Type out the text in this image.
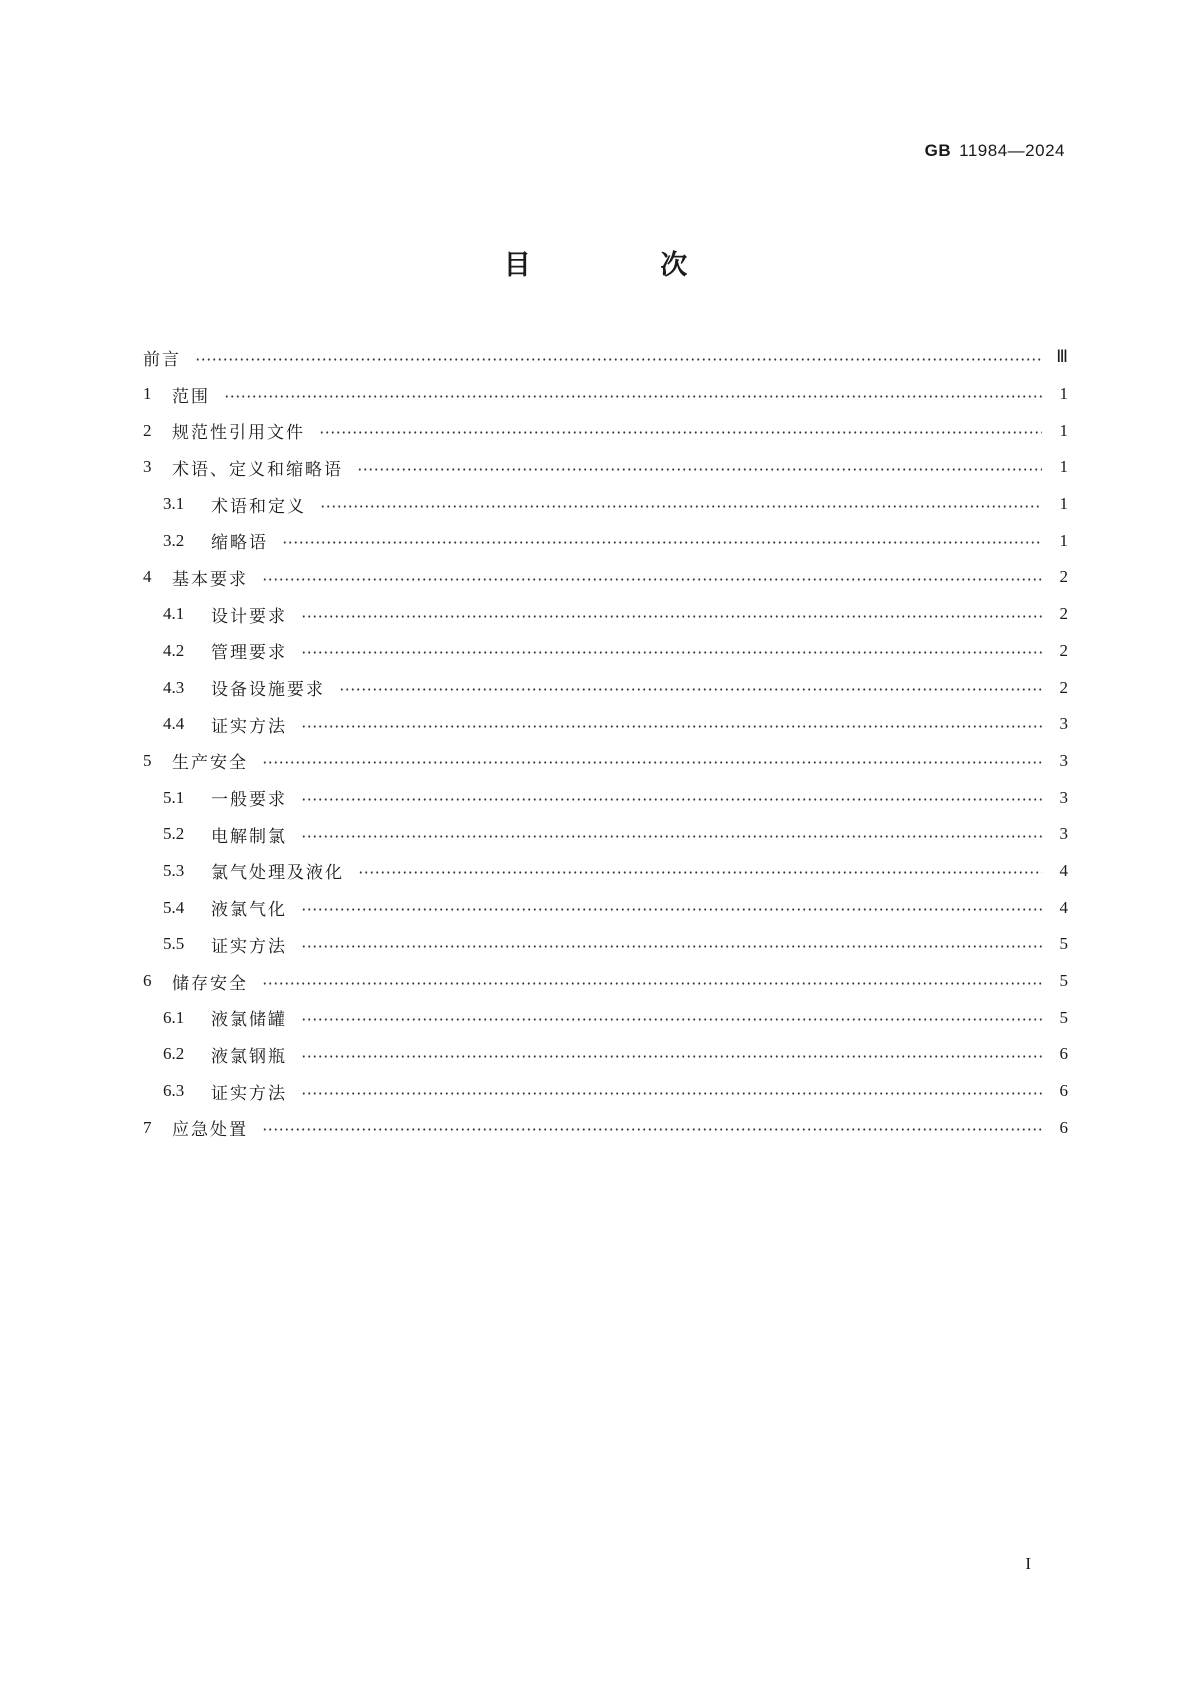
GB 11984—2024
目 次
前言	Ⅲ
1	范围	1
2	规范性引用文件	1
3	术语、定义和缩略语	1
3.1	术语和定义	1
3.2	缩略语	1
4	基本要求	2
4.1	设计要求	2
4.2	管理要求	2
4.3	设备设施要求	2
4.4	证实方法	3
5	生产安全	3
5.1	一般要求	3
5.2	电解制氯	3
5.3	氯气处理及液化	4
5.4	液氯气化	4
5.5	证实方法	5
6	储存安全	5
6.1	液氯储罐	5
6.2	液氯钢瓶	6
6.3	证实方法	6
7	应急处置	6
I
